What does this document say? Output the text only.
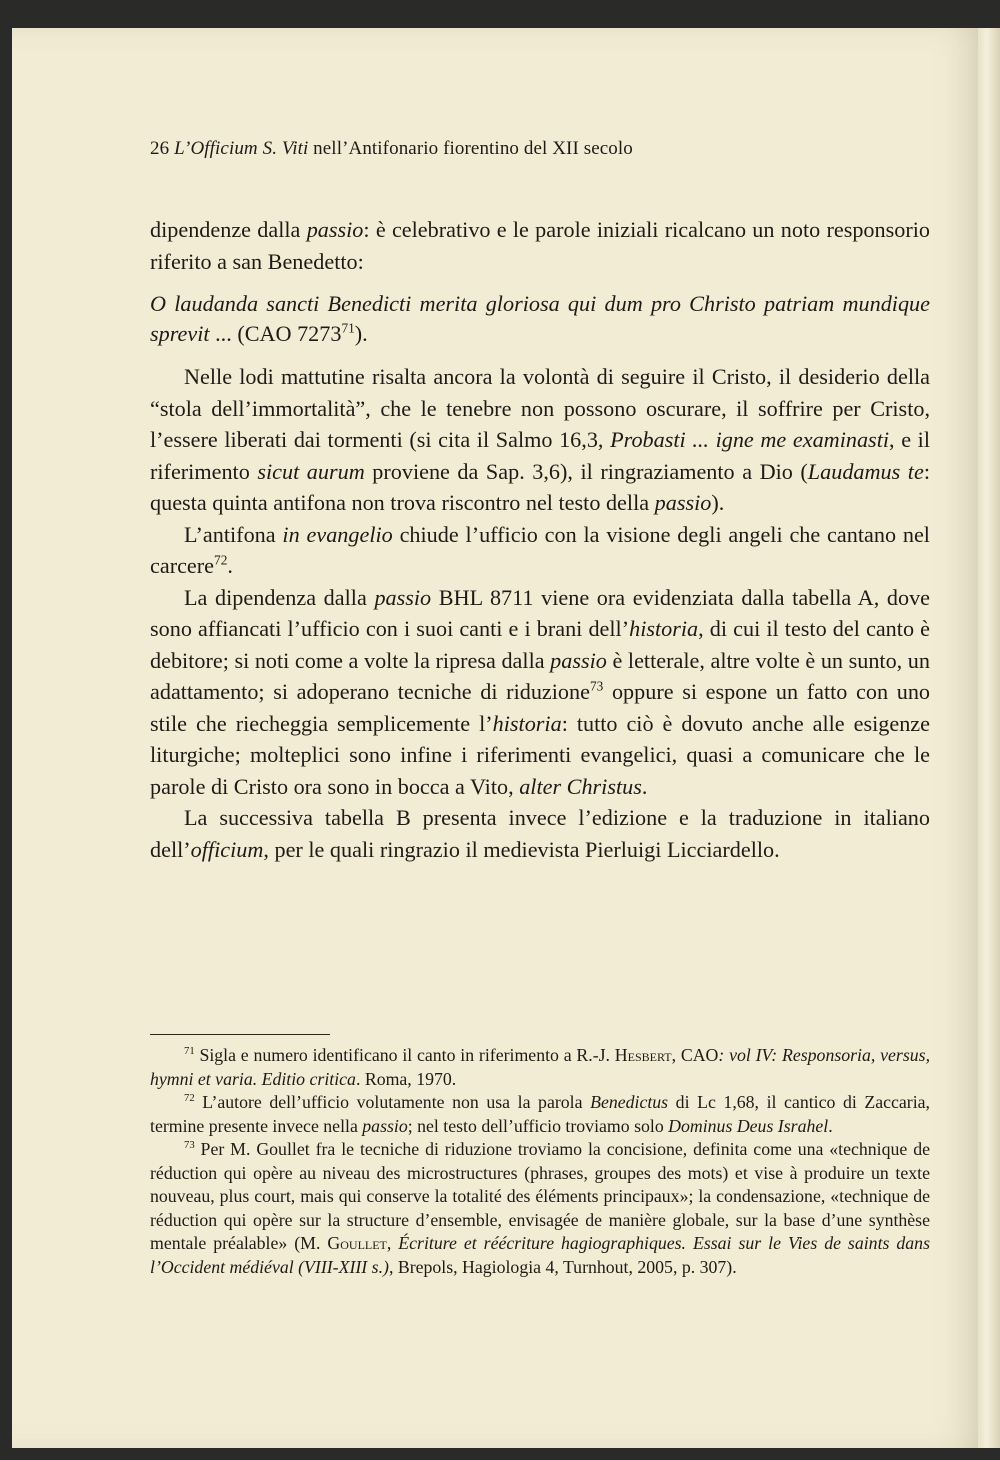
26 L’Officium S. Viti nell’Antifonario fiorentino del XII secolo

dipendenze dalla passio: è celebrativo e le parole iniziali ricalcano un noto responsorio riferito a san Benedetto:

O laudanda sancti Benedicti merita gloriosa qui dum pro Christo patriam mundique sprevit ... (CAO 7273$^{71}$).

Nelle lodi mattutine risalta ancora la volontà di seguire il Cristo, il desiderio della “stola dell’immortalità”, che le tenebre non possono oscurare, il soffrire per Cristo, l’essere liberati dai tormenti (si cita il Salmo 16,3, Probasti ... igne me examinasti, e il riferimento sicut aurum proviene da Sap. 3,6), il ringraziamento a Dio (Laudamus te: questa quinta antifona non trova riscontro nel testo della passio).

L’antifona in evangelio chiude l’ufficio con la visione degli angeli che cantano nel carcere$^{72}$.

La dipendenza dalla passio BHL 8711 viene ora evidenziata dalla tabella A, dove sono affiancati l’ufficio con i suoi canti e i brani dell’historia, di cui il testo del canto è debitore; si noti come a volte la ripresa dalla passio è letterale, altre volte è un sunto, un adattamento; si adoperano tecniche di riduzione$^{73}$ oppure si espone un fatto con uno stile che riecheggia semplicemente l’historia: tutto ciò è dovuto anche alle esigenze liturgiche; molteplici sono infine i riferimenti evangelici, quasi a comunicare che le parole di Cristo ora sono in bocca a Vito, alter Christus.

La successiva tabella B presenta invece l’edizione e la traduzione in italiano dell’officium, per le quali ringrazio il medievista Pierluigi Licciardello.

$^{71}$ Sigla e numero identificano il canto in riferimento a R.-J. Hesbert, CAO: vol IV: Responsoria, versus, hymni et varia. Editio critica. Roma, 1970.

$^{72}$ L’autore dell’ufficio volutamente non usa la parola Benedictus di Lc 1,68, il cantico di Zaccaria, termine presente invece nella passio; nel testo dell’ufficio troviamo solo Dominus Deus Israhel.

$^{73}$ Per M. Goullet fra le tecniche di riduzione troviamo la concisione, definita come una «technique de réduction qui opère au niveau des microstructures (phrases, groupes des mots) et vise à produire un texte nouveau, plus court, mais qui conserve la totalité des éléments principaux»; la condensazione, «technique de réduction qui opère sur la structure d’ensemble, envisagée de manière globale, sur la base d’une synthèse mentale préalable» (M. Goullet, Écriture et réécriture hagiographiques. Essai sur le Vies de saints dans l’Occident médiéval (VIII-XIII s.), Brepols, Hagiologia 4, Turnhout, 2005, p. 307).
